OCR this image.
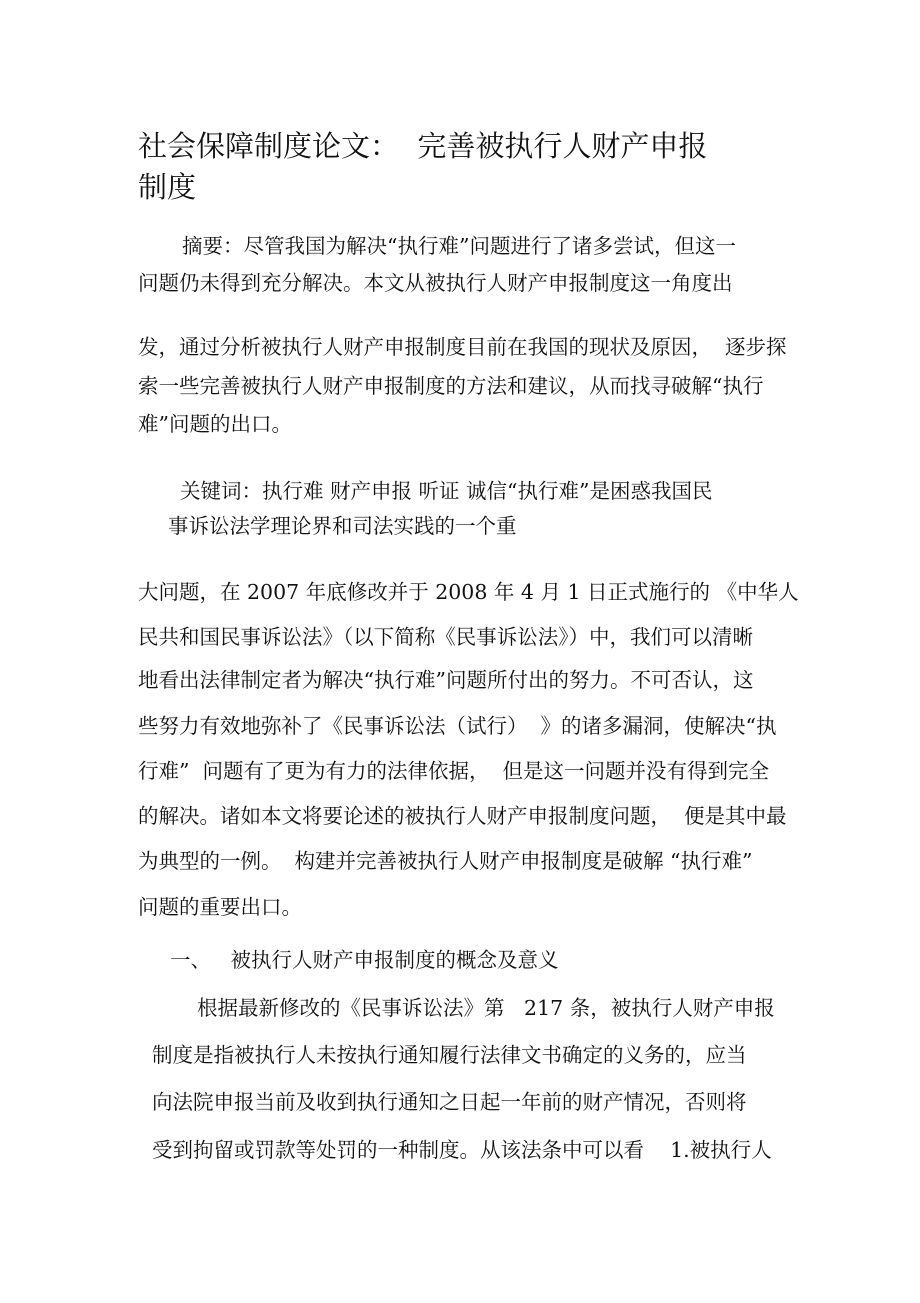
社会保障制度论文：  完善被执行人财产申报
制度
摘要：尽管我国为解决“执行难”问题进行了诸多尝试，但这一
问题仍未得到充分解决。本文从被执行人财产申报制度这一角度出
发，通过分析被执行人财产申报制度目前在我国的现状及原因，  逐步探
索一些完善被执行人财产申报制度的方法和建议，从而找寻破解“执行
难”问题的出口。
关键词：执行难 财产申报 听证 诚信“执行难”是困惑我国民
事诉讼法学理论界和司法实践的一个重
大问题，在 2007 年底修改并于 2008 年 4 月 1 日正式施行的 《中华人
民共和国民事诉讼法》（以下简称《民事诉讼法》）中，我们可以清晰
地看出法律制定者为解决“执行难”问题所付出的努力。不可否认，这
些努力有效地弥补了《民事诉讼法（试行）  》的诸多漏洞，使解决“执
行难”  问题有了更为有力的法律依据，  但是这一问题并没有得到完全
的解决。诸如本文将要论述的被执行人财产申报制度问题，  便是其中最
为典型的一例。  构建并完善被执行人财产申报制度是破解 “执行难”
问题的重要出口。
一、   被执行人财产申报制度的概念及意义
根据最新修改的《民事诉讼法》第   217 条，被执行人财产申报
制度是指被执行人未按执行通知履行法律文书确定的义务的，应当
向法院申报当前及收到执行通知之日起一年前的财产情况，否则将
受到拘留或罚款等处罚的一种制度。从该法条中可以看    1.被执行人
